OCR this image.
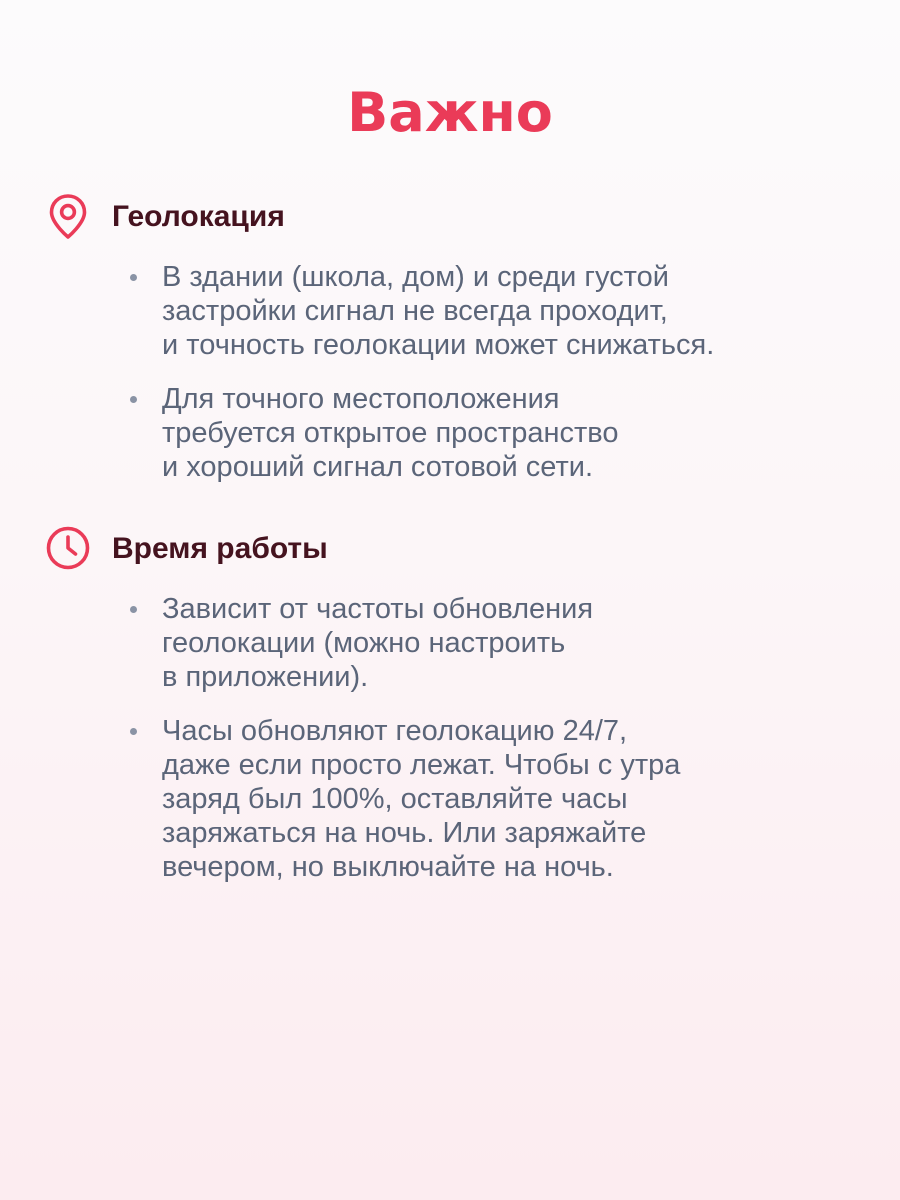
Важно
Геолокация
В здании (школа, дом) и среди густой
застройки сигнал не всегда проходит,
и точность геолокации может снижаться.
Для точного местоположения
требуется открытое пространство
и хороший сигнал сотовой сети.
Время работы
Зависит от частоты обновления
геолокации (можно настроить
в приложении).
Часы обновляют геолокацию 24/7,
даже если просто лежат. Чтобы с утра
заряд был 100%, оставляйте часы
заряжаться на ночь. Или заряжайте
вечером, но выключайте на ночь.
